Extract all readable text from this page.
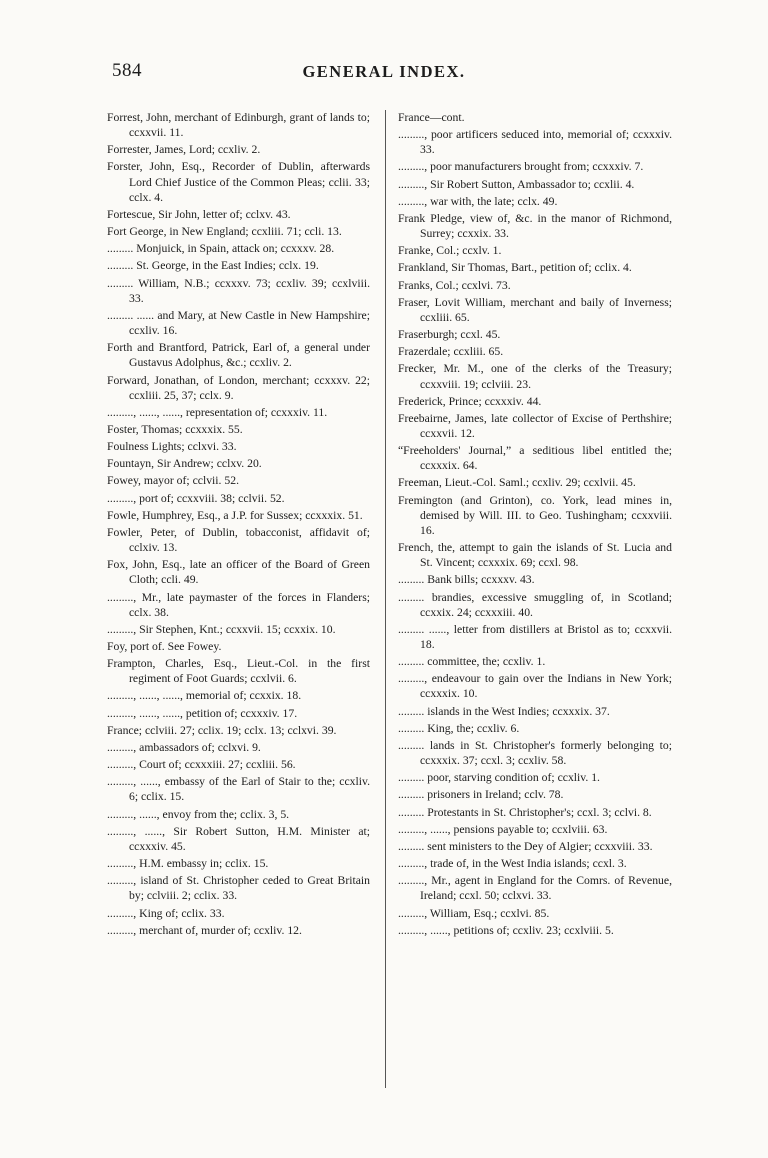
584	GENERAL INDEX.
Forrest, John, merchant of Edinburgh, grant of lands to; ccxxvii. 11.
Forrester, James, Lord; ccxliv. 2.
Forster, John, Esq., Recorder of Dublin, afterwards Lord Chief Justice of the Common Pleas; cclii. 33; cclx. 4.
Fortescue, Sir John, letter of; cclxv. 43.
Fort George, in New England; ccxliii. 71; ccli. 13.
......... Monjuick, in Spain, attack on; ccxxxv. 28.
......... St. George, in the East Indies; cclx. 19.
......... William, N.B.; ccxxxv. 73; ccxliv. 39; ccxlviii. 33.
......... ...... and Mary, at New Castle in New Hampshire; ccxliv. 16.
Forth and Brantford, Patrick, Earl of, a general under Gustavus Adolphus, &c.; ccxliv. 2.
Forward, Jonathan, of London, merchant; ccxxxv. 22; ccxliii. 25, 37; cclx. 9.
........., ......, ......, representation of; ccxxxiv. 11.
Foster, Thomas; ccxxxix. 55.
Foulness Lights; cclxvi. 33.
Fountayn, Sir Andrew; cclxv. 20.
Fowey, mayor of; cclvii. 52.
........., port of; ccxxviii. 38; cclvii. 52.
Fowle, Humphrey, Esq., a J.P. for Sussex; ccxxxix. 51.
Fowler, Peter, of Dublin, tobacconist, affidavit of; cclxiv. 13.
Fox, John, Esq., late an officer of the Board of Green Cloth; ccli. 49.
........., Mr., late paymaster of the forces in Flanders; cclx. 38.
........., Sir Stephen, Knt.; ccxxvii. 15; ccxxix. 10.
Foy, port of. See Fowey.
Frampton, Charles, Esq., Lieut.-Col. in the first regiment of Foot Guards; ccxlvii. 6.
........., ......, ......, memorial of; ccxxix. 18.
........., ......, ......, petition of; ccxxxiv. 17.
France; cclviii. 27; cclix. 19; cclx. 13; cclxvi. 39.
........., ambassadors of; cclxvi. 9.
........., Court of; ccxxxiii. 27; ccxliii. 56.
........., ......, embassy of the Earl of Stair to the; ccxliv. 6; cclix. 15.
........., ......, envoy from the; cclix. 3, 5.
........., ......, Sir Robert Sutton, H.M. Minister at; ccxxxiv. 45.
........., H.M. embassy in; cclix. 15.
........., island of St. Christopher ceded to Great Britain by; cclviii. 2; cclix. 33.
........., King of; cclix. 33.
........., merchant of, murder of; ccxliv. 12.
France—cont.
........., poor artificers seduced into, memorial of; ccxxxiv. 33.
........., poor manufacturers brought from; ccxxxiv. 7.
........., Sir Robert Sutton, Ambassador to; ccxlii. 4.
........., war with, the late; cclx. 49.
Frank Pledge, view of, &c. in the manor of Richmond, Surrey; ccxxix. 33.
Franke, Col.; ccxlv. 1.
Frankland, Sir Thomas, Bart., petition of; cclix. 4.
Franks, Col.; ccxlvi. 73.
Fraser, Lovit William, merchant and baily of Inverness; ccxliii. 65.
Fraserburgh; ccxl. 45.
Frazerdale; ccxliii. 65.
Frecker, Mr. M., one of the clerks of the Treasury; ccxxviii. 19; cclviii. 23.
Frederick, Prince; ccxxxiv. 44.
Freebairne, James, late collector of Excise of Perthshire; ccxxvii. 12.
“Freeholders' Journal,” a seditious libel entitled the; ccxxxix. 64.
Freeman, Lieut.-Col. Saml.; ccxliv. 29; ccxlvii. 45.
Fremington (and Grinton), co. York, lead mines in, demised by Will. III. to Geo. Tushingham; ccxxviii. 16.
French, the, attempt to gain the islands of St. Lucia and St. Vincent; ccxxxix. 69; ccxl. 98.
......... Bank bills; ccxxxv. 43.
......... brandies, excessive smuggling of, in Scotland; ccxxix. 24; ccxxxiii. 40.
......... ......, letter from distillers at Bristol as to; ccxxvii. 18.
......... committee, the; ccxliv. 1.
........., endeavour to gain over the Indians in New York; ccxxxix. 10.
......... islands in the West Indies; ccxxxix. 37.
......... King, the; ccxliv. 6.
......... lands in St. Christopher's formerly belonging to; ccxxxix. 37; ccxl. 3; ccxliv. 58.
......... poor, starving condition of; ccxliv. 1.
......... prisoners in Ireland; cclv. 78.
......... Protestants in St. Christopher's; ccxl. 3; cclvi. 8.
........., ......, pensions payable to; ccxlviii. 63.
......... sent ministers to the Dey of Algier; ccxxviii. 33.
........., trade of, in the West India islands; ccxl. 3.
........., Mr., agent in England for the Comrs. of Revenue, Ireland; ccxl. 50; cclxvi. 33.
........., William, Esq.; ccxlvi. 85.
........., ......, petitions of; ccxliv. 23; ccxlviii. 5.
